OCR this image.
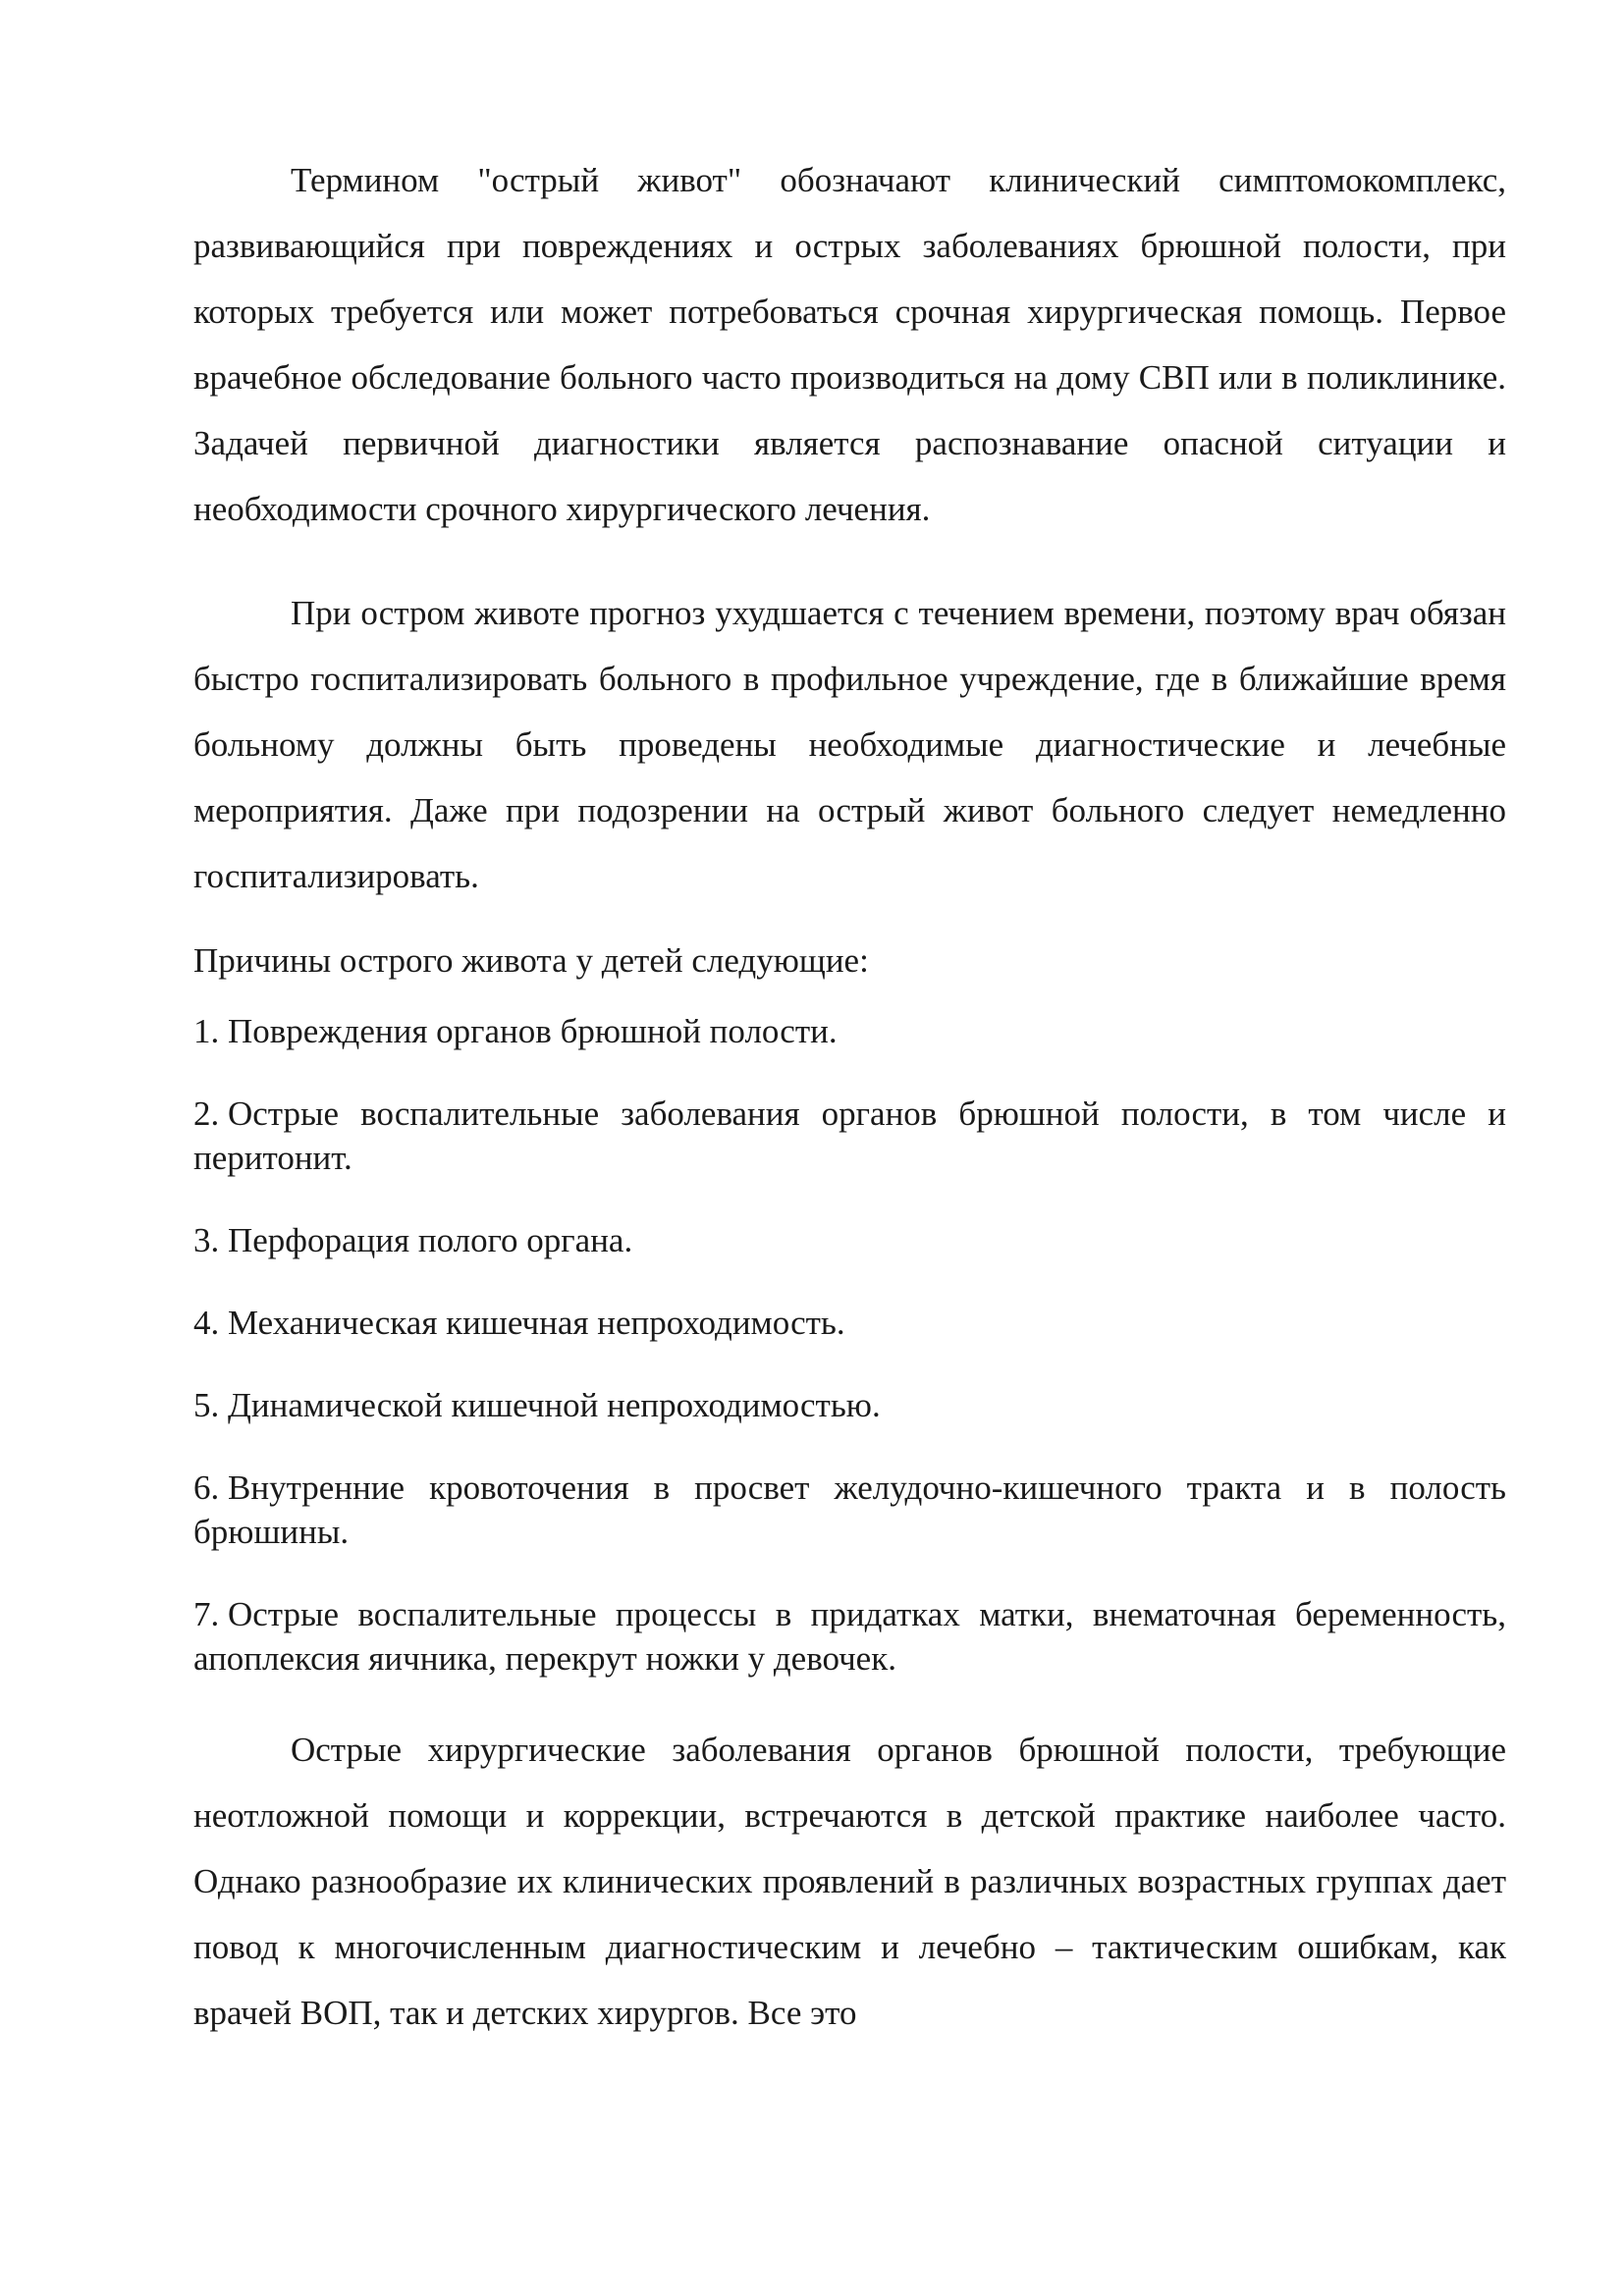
Термином "острый живот" обозначают клинический симптомокомплекс, развивающийся при повреждениях и острых заболеваниях брюшной полости, при которых требуется или может потребоваться срочная хирургическая помощь. Первое врачебное обследование больного часто производиться на дому СВП или в поликлинике. Задачей первичной диагностики является распознавание опасной ситуации и необходимости срочного хирургического лечения.

При остром животе прогноз ухудшается с течением времени, поэтому врач обязан быстро госпитализировать больного в профильное учреждение, где в ближайшие время больному должны быть проведены необходимые диагностические и лечебные мероприятия. Даже при подозрении на острый живот больного следует немедленно госпитализировать.

Причины острого живота у детей следующие:

1. Повреждения органов брюшной полости.
2. Острые воспалительные заболевания органов брюшной полости, в том числе и перитонит.
3. Перфорация полого органа.
4. Механическая кишечная непроходимость.
5. Динамической кишечной непроходимостью.
6. Внутренние кровоточения в просвет желудочно-кишечного тракта и в полость брюшины.
7. Острые воспалительные процессы в придатках матки, внематочная беременность, апоплексия яичника, перекрут ножки у девочек.

Острые хирургические заболевания органов брюшной полости, требующие неотложной помощи и коррекции, встречаются в детской практике наиболее часто. Однако разнообразие их клинических проявлений в различных возрастных группах дает повод к многочисленным диагностическим и лечебно – тактическим ошибкам, как врачей ВОП, так и детских хирургов. Все это
